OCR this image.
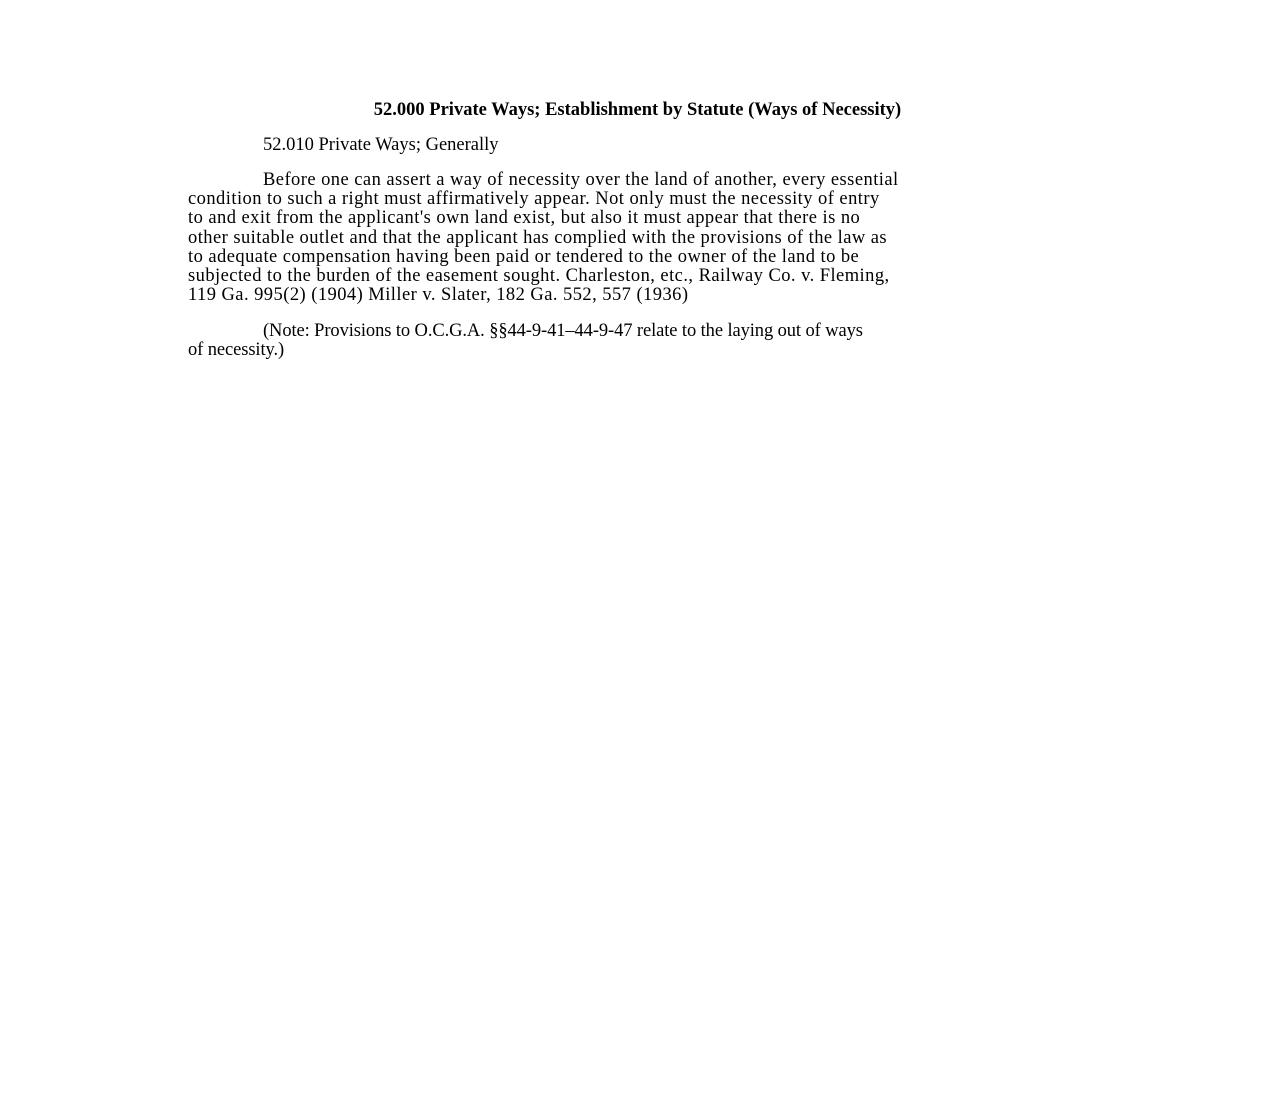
52.000 Private Ways; Establishment by Statute (Ways of Necessity)
52.010 Private Ways; Generally
Before one can assert a way of necessity over the land of another, every essential
condition to such a right must affirmatively appear. Not only must the necessity of entry
to and exit from the applicant's own land exist, but also it must appear that there is no
other suitable outlet and that the applicant has complied with the provisions of the law as
to adequate compensation having been paid or tendered to the owner of the land to be
subjected to the burden of the easement sought. Charleston, etc., Railway Co. v. Fleming,
119 Ga. 995(2) (1904) Miller v. Slater, 182 Ga. 552, 557 (1936)
(Note: Provisions to O.C.G.A. §§44-9-41–44-9-47 relate to the laying out of ways
of necessity.)
